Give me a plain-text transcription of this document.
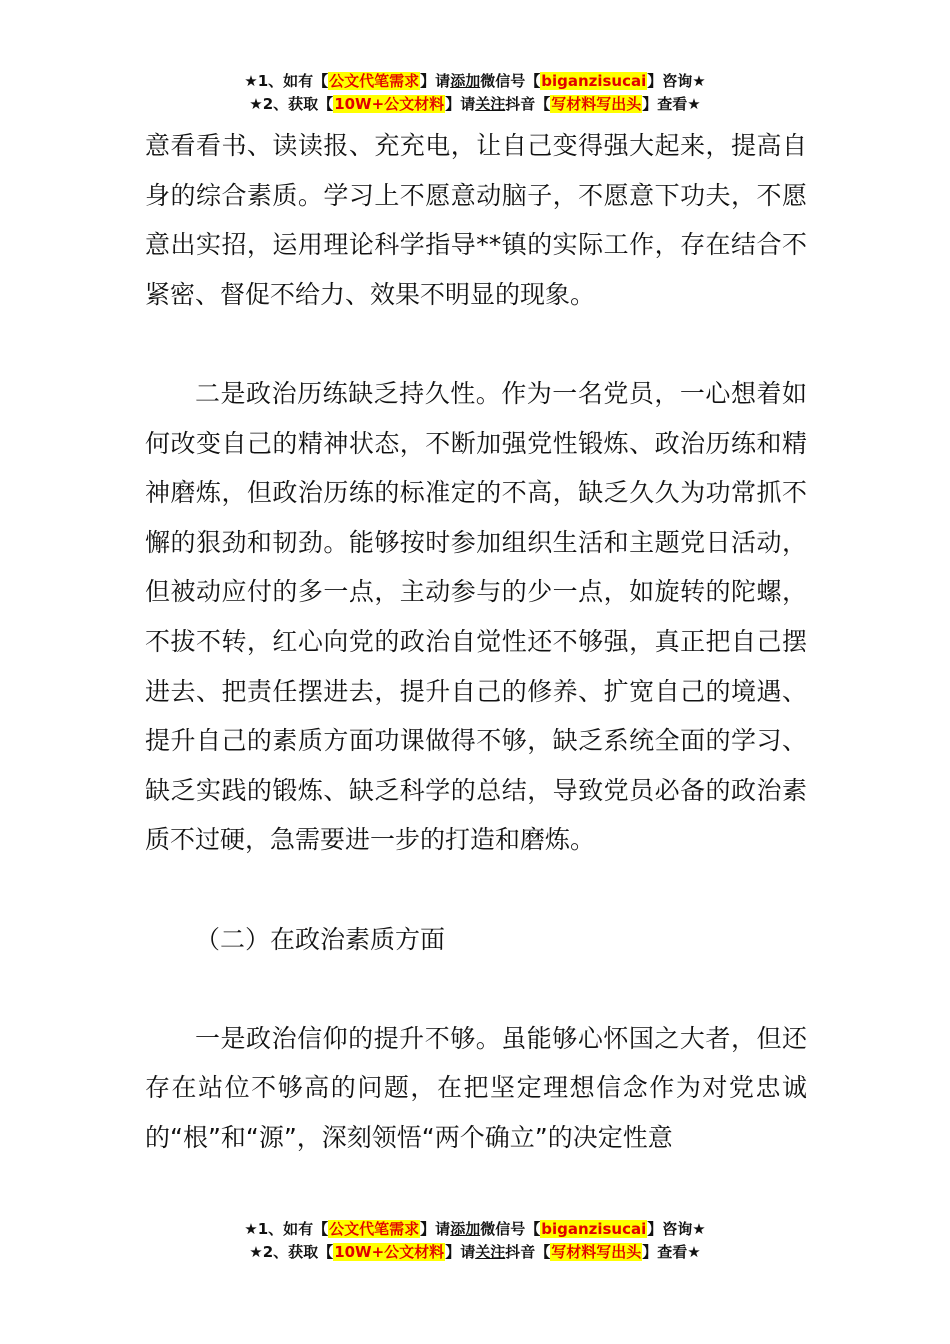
★1、如有【公文代笔需求】请添加微信号【biganzisucai】咨询★
★2、获取【10W+公文材料】请关注抖音【写材料写出头】查看★

意看看书、读读报、充充电，让自己变得强大起来，提高自身的综合素质。学习上不愿意动脑子，不愿意下功夫，不愿意出实招，运用理论科学指导**镇的实际工作，存在结合不紧密、督促不给力、效果不明显的现象。

二是政治历练缺乏持久性。作为一名党员，一心想着如何改变自己的精神状态，不断加强党性锻炼、政治历练和精神磨炼，但政治历练的标准定的不高，缺乏久久为功常抓不懈的狠劲和韧劲。能够按时参加组织生活和主题党日活动，但被动应付的多一点，主动参与的少一点，如旋转的陀螺，不拔不转，红心向党的政治自觉性还不够强，真正把自己摆进去、把责任摆进去，提升自己的修养、扩宽自己的境遇、提升自己的素质方面功课做得不够，缺乏系统全面的学习、缺乏实践的锻炼、缺乏科学的总结，导致党员必备的政治素质不过硬，急需要进一步的打造和磨炼。

（二）在政治素质方面

一是政治信仰的提升不够。虽能够心怀国之大者，但还存在站位不够高的问题，在把坚定理想信念作为对党忠诚的“根”和“源”，深刻领悟“两个确立”的决定性意

★1、如有【公文代笔需求】请添加微信号【biganzisucai】咨询★
★2、获取【10W+公文材料】请关注抖音【写材料写出头】查看★
